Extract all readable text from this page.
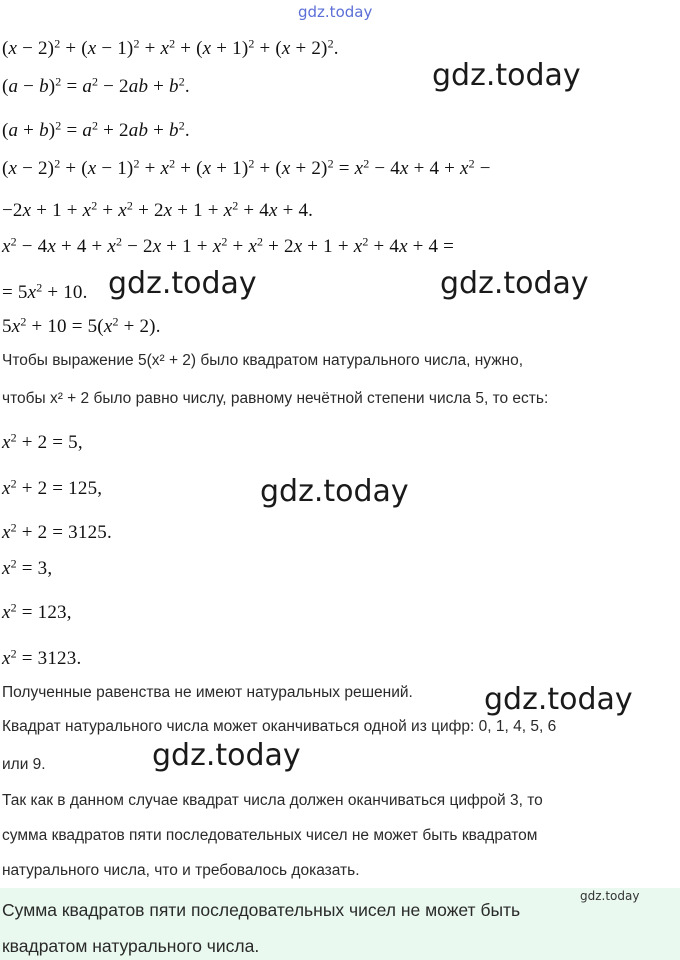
gdz.today
$(x - 2)^2 + (x - 1)^2 + x^2 + (x + 1)^2 + (x + 2)^2$.
$(a - b)^2 = a^2 - 2ab + b^2$.
$(a + b)^2 = a^2 + 2ab + b^2$.
$(x - 2)^2 + (x - 1)^2 + x^2 + (x + 1)^2 + (x + 2)^2 = x^2 - 4x + 4 + x^2$ −
$-2x + 1 + x^2 + x^2 + 2x + 1 + x^2 + 4x + 4$.
$x^2 - 4x + 4 + x^2 - 2x + 1 + x^2 + x^2 + 2x + 1 + x^2 + 4x + 4$ =
= $5x^2 + 10$.
$5x^2 + 10 = 5(x^2 + 2)$.
Чтобы выражение 5(x² + 2) было квадратом натурального числа, нужно,
чтобы x² + 2 было равно числу, равному нечётной степени числа 5, то есть:
$x^2 + 2 = 5$,
$x^2 + 2 = 125$,
$x^2 + 2 = 3125$.
$x^2 = 3$,
$x^2 = 123$,
$x^2 = 3123$.
Полученные равенства не имеют натуральных решений.
Квадрат натурального числа может оканчиваться одной из цифр: 0, 1, 4, 5, 6
или 9.
Так как в данном случае квадрат числа должен оканчиваться цифрой 3, то
сумма квадратов пяти последовательных чисел не может быть квадратом
натурального числа, что и требовалось доказать.
gdz.today
gdz.today	gdz.today
gdz.today
gdz.today
gdz.today
Сумма квадратов пяти последовательных чисел не может быть
квадратом натурального числа.
gdz.today
